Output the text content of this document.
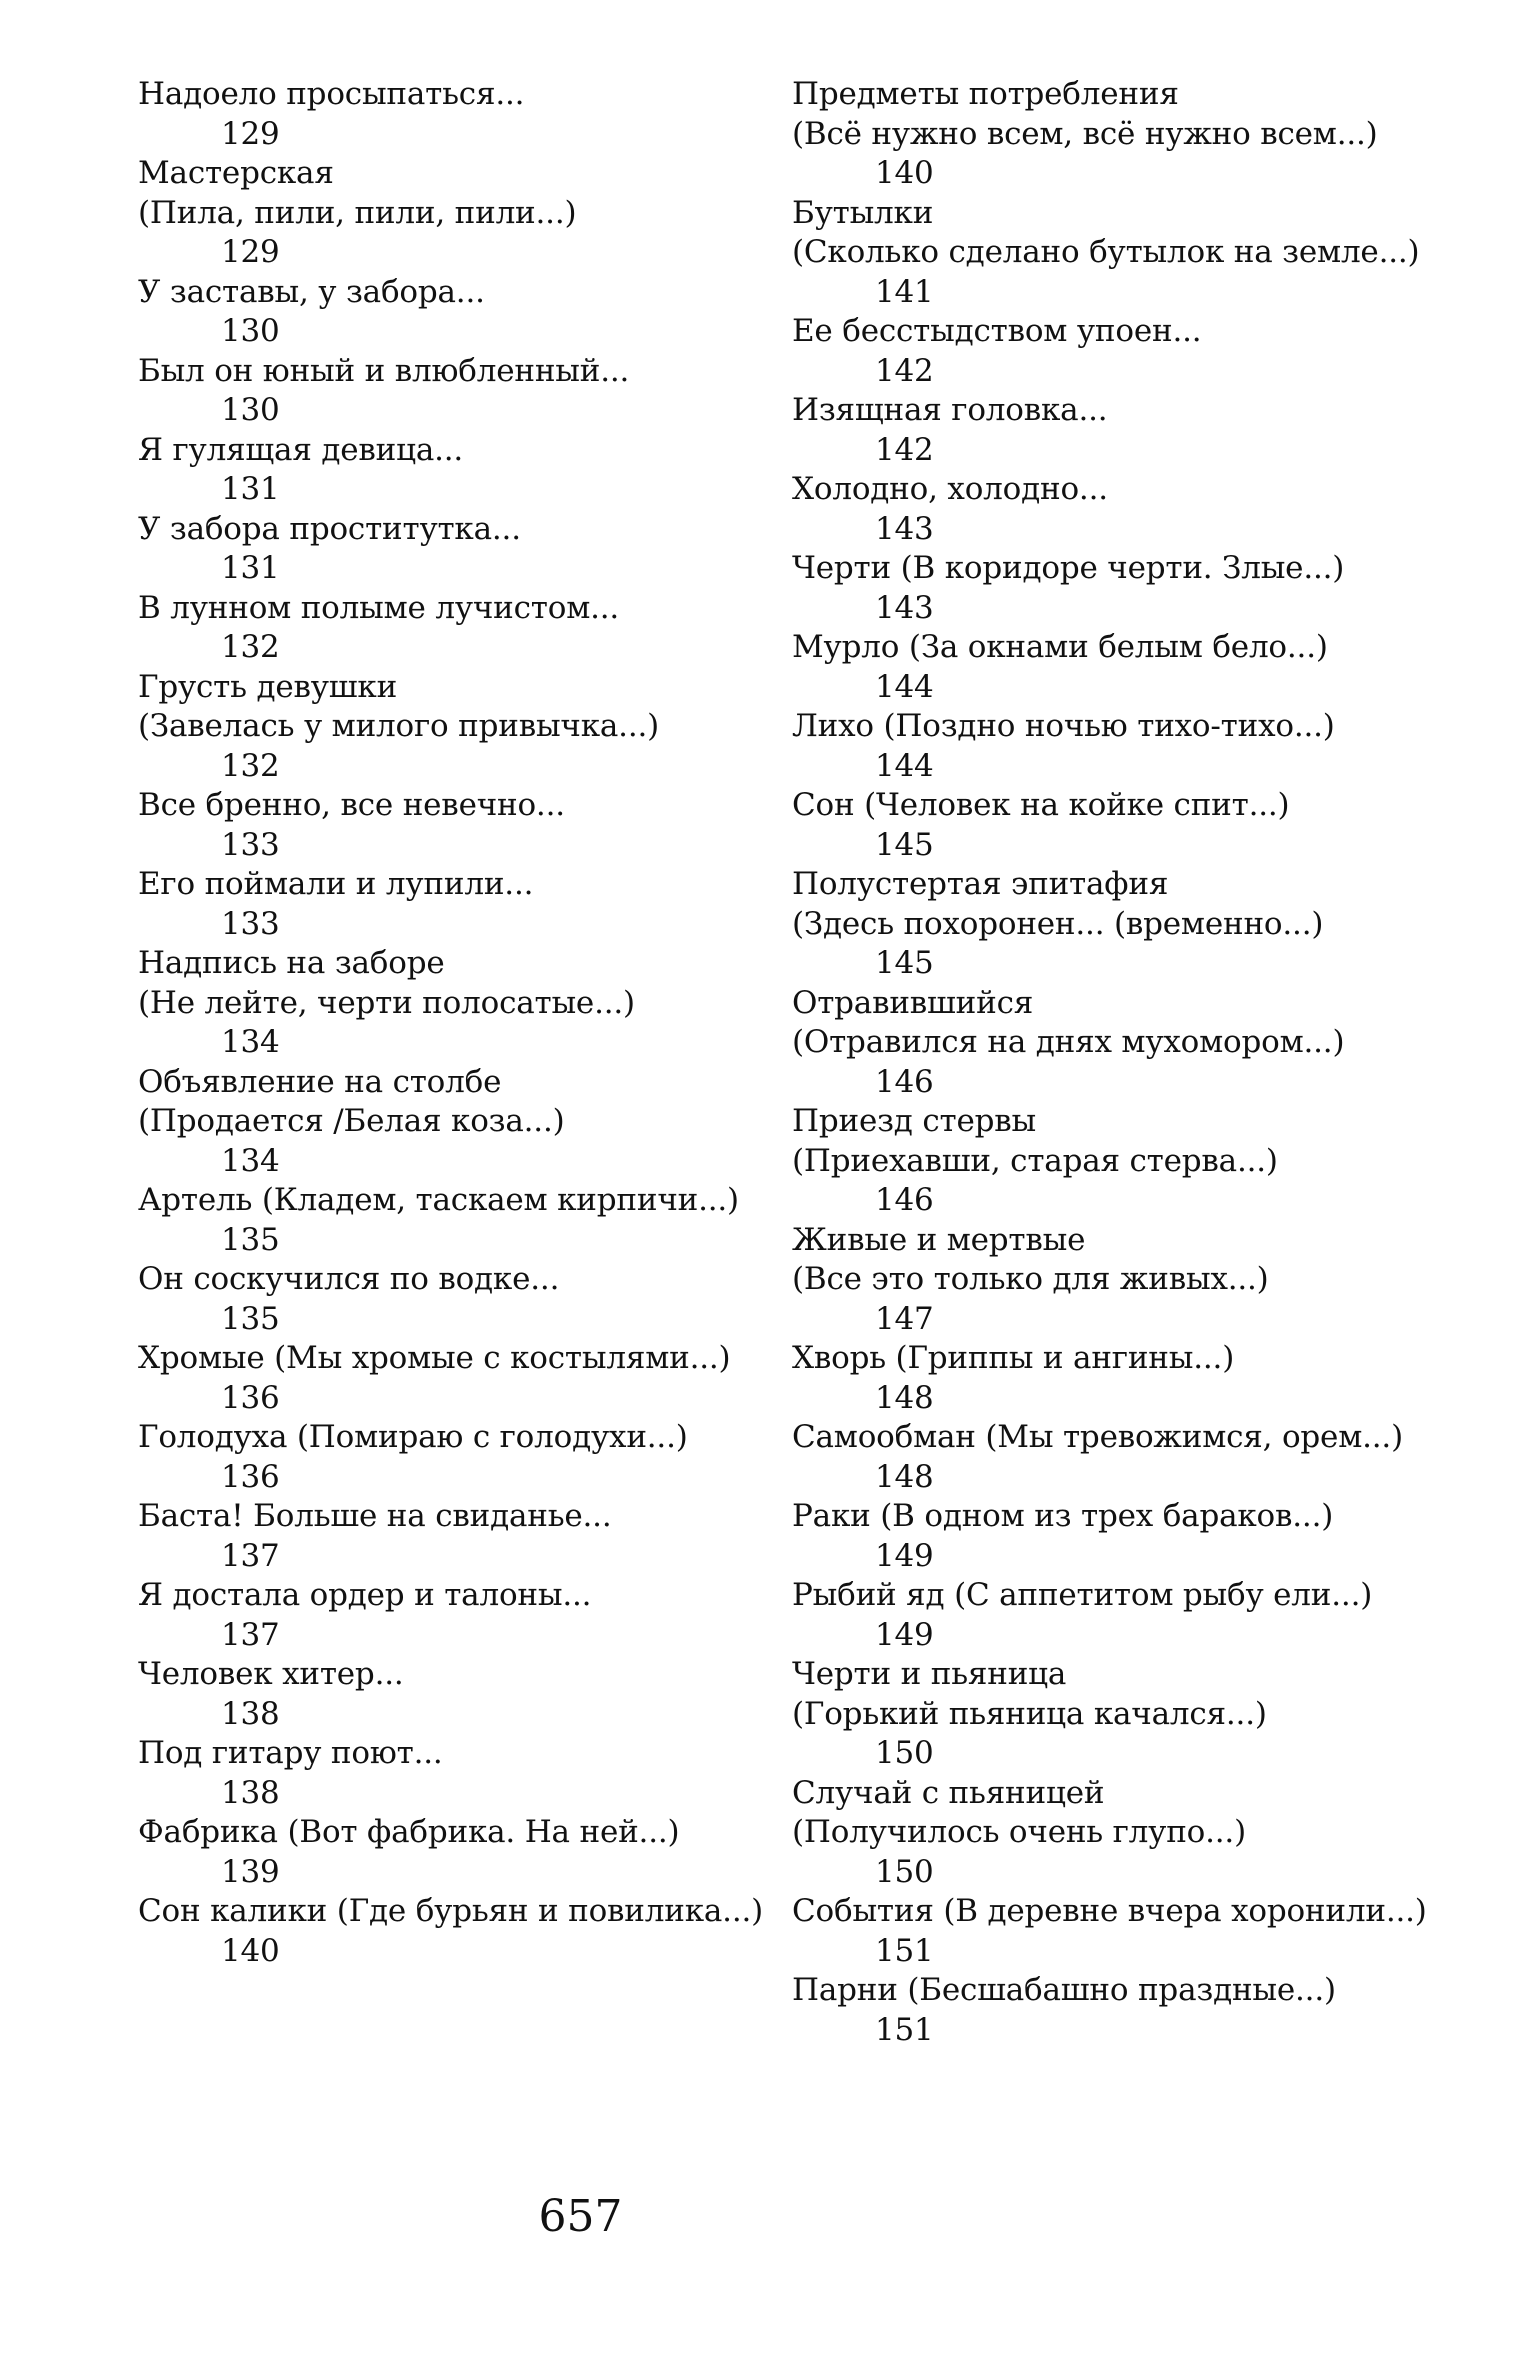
Надоело просыпаться...
129
Мастерская
(Пила, пили, пили, пили...)
129
У заставы, у забора...
130
Был он юный и влюбленный...
130
Я гулящая девица...
131
У забора проститутка...
131
В лунном полыме лучистом...
132
Грусть девушки
(Завелась у милого привычка...)
132
Все бренно, все невечно...
133
Его поймали и лупили...
133
Надпись на заборе
(Не лейте, черти полосатые...)
134
Объявление на столбе
(Продается /Белая коза...)
134
Артель (Кладем, таскаем кирпичи...)
135
Он соскучился по водке...
135
Хромые (Мы хромые с костылями...)
136
Голодуха (Помираю с голодухи...)
136
Баста! Больше на свиданье...
137
Я достала ордер и талоны...
137
Человек хитер...
138
Под гитару поют...
138
Фабрика (Вот фабрика. На ней...)
139
Сон калики (Где бурьян и повилика...)
140
Предметы потребления
(Всё нужно всем, всё нужно всем...)
140
Бутылки
(Сколько сделано бутылок на земле...)
141
Ее бесстыдством упоен...
142
Изящная головка...
142
Холодно, холодно...
143
Черти (В коридоре черти. Злые...)
143
Мурло (За окнами белым бело...)
144
Лихо (Поздно ночью тихо-тихо...)
144
Сон (Человек на койке спит...)
145
Полустертая эпитафия
(Здесь похоронен... (временно...)
145
Отравившийся
(Отравился на днях мухомором...)
146
Приезд стервы
(Приехавши, старая стерва...)
146
Живые и мертвые
(Все это только для живых...)
147
Хворь (Гриппы и ангины...)
148
Самообман (Мы тревожимся, орем...)
148
Раки (В одном из трех бараков...)
149
Рыбий яд (С аппетитом рыбу ели...)
149
Черти и пьяница
(Горький пьяница качался...)
150
Случай с пьяницей
(Получилось очень глупо...)
150
События (В деревне вчера хоронили...)
151
Парни (Бесшабашно праздные...)
151
657
